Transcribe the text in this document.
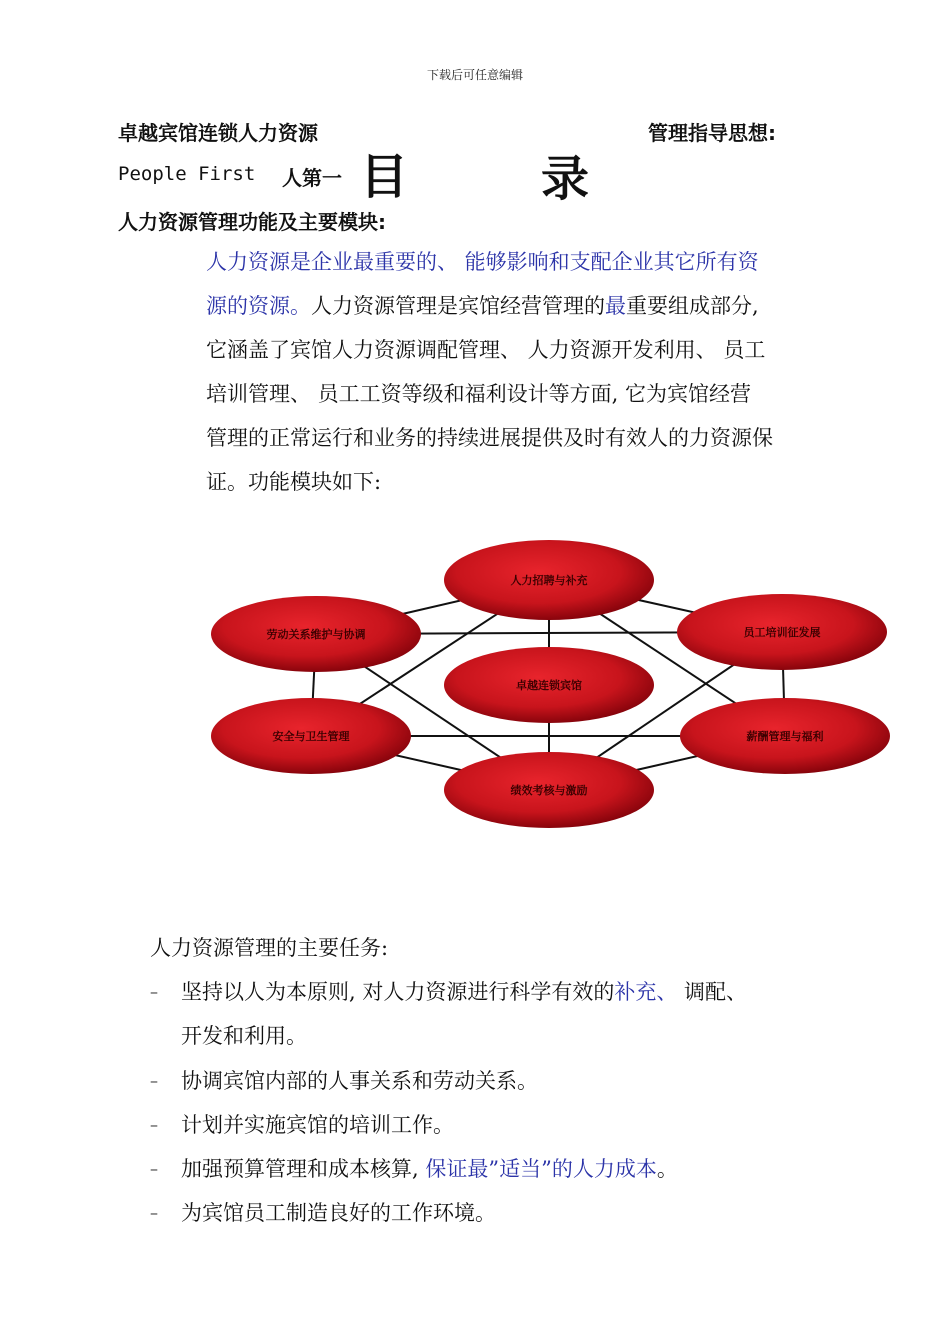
下载后可任意编辑
卓越宾馆连锁人力资源	管理指导思想:
People First 人第一 目	录
人力资源管理功能及主要模块:
人力资源是企业最重要的、 能够影响和支配企业其它所有资
源的资源。人力资源管理是宾馆经营管理的最重要组成部分,
它涵盖了宾馆人力资源调配管理、 人力资源开发利用、 员工
培训管理、 员工工资等级和福利设计等方面, 它为宾馆经营
管理的正常运行和业务的持续进展提供及时有效人的力资源保
证。功能模块如下:
人力招聘与补充
劳动关系维护与协调	员工培训征发展
卓越连锁宾馆
安全与卫生管理	薪酬管理与福利
绩效考核与激励
人力资源管理的主要任务:
– 坚持以人为本原则, 对人力资源进行科学有效的补充、 调配、
开发和利用。
– 协调宾馆内部的人事关系和劳动关系。
– 计划并实施宾馆的培训工作。
– 加强预算管理和成本核算, 保证最”适当”的人力成本。
– 为宾馆员工制造良好的工作环境。
